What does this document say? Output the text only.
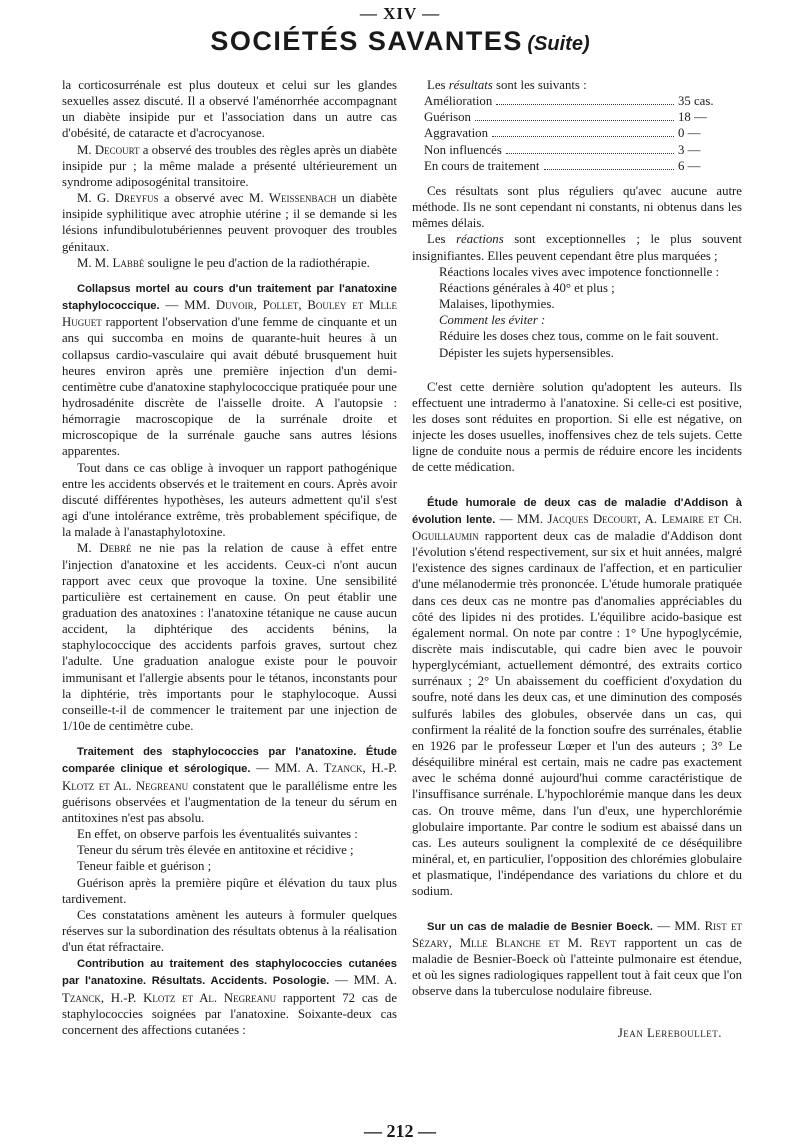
— XIV —
SOCIÉTÉS SAVANTES (Suite)

la corticosurrénale est plus douteux et celui sur les glandes sexuelles assez discuté. Il a observé l'aménorrhée accompagnant un diabète insipide pur et l'association dans un autre cas d'obésité, de cataracte et d'acrocyanose.

M. Decourt a observé des troubles des règles après un diabète insipide pur ; la même malade a présenté ultérieurement un syndrome adiposogénital transitoire.

M. G. Dreyfus a observé avec M. Weissenbach un diabète insipide syphilitique avec atrophie utérine ; il se demande si les lésions infundibulotubériennes peuvent provoquer des troubles génitaux.

M. M. Labbé souligne le peu d'action de la radiothérapie.

Collapsus mortel au cours d'un traitement par l'anatoxine staphylococcique. — MM. Duvoir, Pollet, Bouley et Mlle Huguet rapportent l'observation d'une femme de cinquante et un ans qui succomba en moins de quarante-huit heures à un collapsus cardio-vasculaire qui avait débuté brusquement huit heures environ après une première injection d'un demi-centimètre cube d'anatoxine staphylococcique pratiquée pour une hydrosadénite discrète de l'aisselle droite. A l'autopsie : hémorragie macroscopique de la surrénale droite et microscopique de la surrénale gauche sans autres lésions apparentes.

Tout dans ce cas oblige à invoquer un rapport pathogénique entre les accidents observés et le traitement en cours. Après avoir discuté différentes hypothèses, les auteurs admettent qu'il s'est agi d'une intolérance extrême, très probablement spécifique, de la malade à l'anastaphylotoxine.

M. Debré ne nie pas la relation de cause à effet entre l'injection d'anatoxine et les accidents. Ceux-ci n'ont aucun rapport avec ceux que provoque la toxine. Une sensibilité particulière est certainement en cause. On peut établir une graduation des anatoxines : l'anatoxine tétanique ne cause aucun accident, la diphtérique des accidents bénins, la staphylococcique des accidents parfois graves, surtout chez l'adulte. Une graduation analogue existe pour le pouvoir immunisant et l'allergie absents pour le tétanos, inconstants pour la diphtérie, très importants pour le staphylocoque. Aussi conseille-t-il de commencer le traitement par une injection de 1/10e de centimètre cube.

Traitement des staphylococcies par l'anatoxine. Étude comparée clinique et sérologique. — MM. A. Tzanck, H.-P. Klotz et Al. Negreanu constatent que le parallélisme entre les guérisons observées et l'augmentation de la teneur du sérum en antitoxines n'est pas absolu.

En effet, on observe parfois les éventualités suivantes :

Teneur du sérum très élevée en antitoxine et récidive ;

Teneur faible et guérison ;

Guérison après la première piqûre et élévation du taux plus tardivement.

Ces constatations amènent les auteurs à formuler quelques réserves sur la subordination des résultats obtenus à la réalisation d'un état réfractaire.

Contribution au traitement des staphylococcies cutanées par l'anatoxine. Résultats. Accidents. Posologie. — MM. A. Tzanck, H.-P. Klotz et Al. Negreanu rapportent 72 cas de staphylococcies soignées par l'anatoxine. Soixante-deux cas concernent des affections cutanées :

Les résultats sont les suivants :

Amélioration	35 cas.
Guérison	18 —
Aggravation	0 —
Non influencés	3 —
En cours de traitement	6 —

Ces résultats sont plus réguliers qu'avec aucune autre méthode. Ils ne sont cependant ni constants, ni obtenus dans les mêmes délais.

Les réactions sont exceptionnelles ; le plus souvent insignifiantes. Elles peuvent cependant être plus marquées ;

Réactions locales vives avec impotence fonctionnelle :

Réactions générales à 40° et plus ;

Malaises, lipothymies.

Comment les éviter :

Réduire les doses chez tous, comme on le fait souvent.

Dépister les sujets hypersensibles.

C'est cette dernière solution qu'adoptent les auteurs. Ils effectuent une intradermo à l'anatoxine. Si celle-ci est positive, les doses sont réduites en proportion. Si elle est négative, on injecte les doses usuelles, inoffensives chez de tels sujets. Cette ligne de conduite nous a permis de réduire encore les incidents de cette médication.

Étude humorale de deux cas de maladie d'Addison à évolution lente. — MM. Jacques Decourt, A. Lemaire et Ch. Oguillaumin rapportent deux cas de maladie d'Addison dont l'évolution s'étend respectivement, sur six et huit années, malgré l'existence des signes cardinaux de l'affection, et en particulier d'une mélanodermie très prononcée. L'étude humorale pratiquée dans ces deux cas ne montre pas d'anomalies appréciables du côté des lipides ni des protides. L'équilibre acido-basique est également normal. On note par contre : 1° Une hypoglycémie, discrète mais indiscutable, qui cadre bien avec le pouvoir hyperglycémiant, actuellement démontré, des extraits cortico surrénaux ; 2° Un abaissement du coefficient d'oxydation du soufre, noté dans les deux cas, et une diminution des composés sulfurés labiles des globules, observée dans un cas, qui confirment la réalité de la fonction soufre des surrénales, établie en 1926 par le professeur Lœper et l'un des auteurs ; 3° Le déséquilibre minéral est certain, mais ne cadre pas exactement avec le schéma donné aujourd'hui comme caractéristique de l'insuffisance surrénale. L'hypochlorémie manque dans les deux cas. On trouve même, dans l'un d'eux, une hyperchlorémie globulaire importante. Par contre le sodium est abaissé dans un cas. Les auteurs soulignent la complexité de ce déséquilibre minéral, et, en particulier, l'opposition des chlorémies globulaire et plasmatique, l'indépendance des variations du chlore et du sodium.

Sur un cas de maladie de Besnier Boeck. — MM. Rist et Sézary, Mlle Blanche et M. Reyt rapportent un cas de maladie de Besnier-Boeck où l'atteinte pulmonaire est étendue, et où les signes radiologiques rappellent tout à fait ceux que l'on observe dans la tuberculose nodulaire fibreuse.

Jean Lereboullet.
— 212 —
